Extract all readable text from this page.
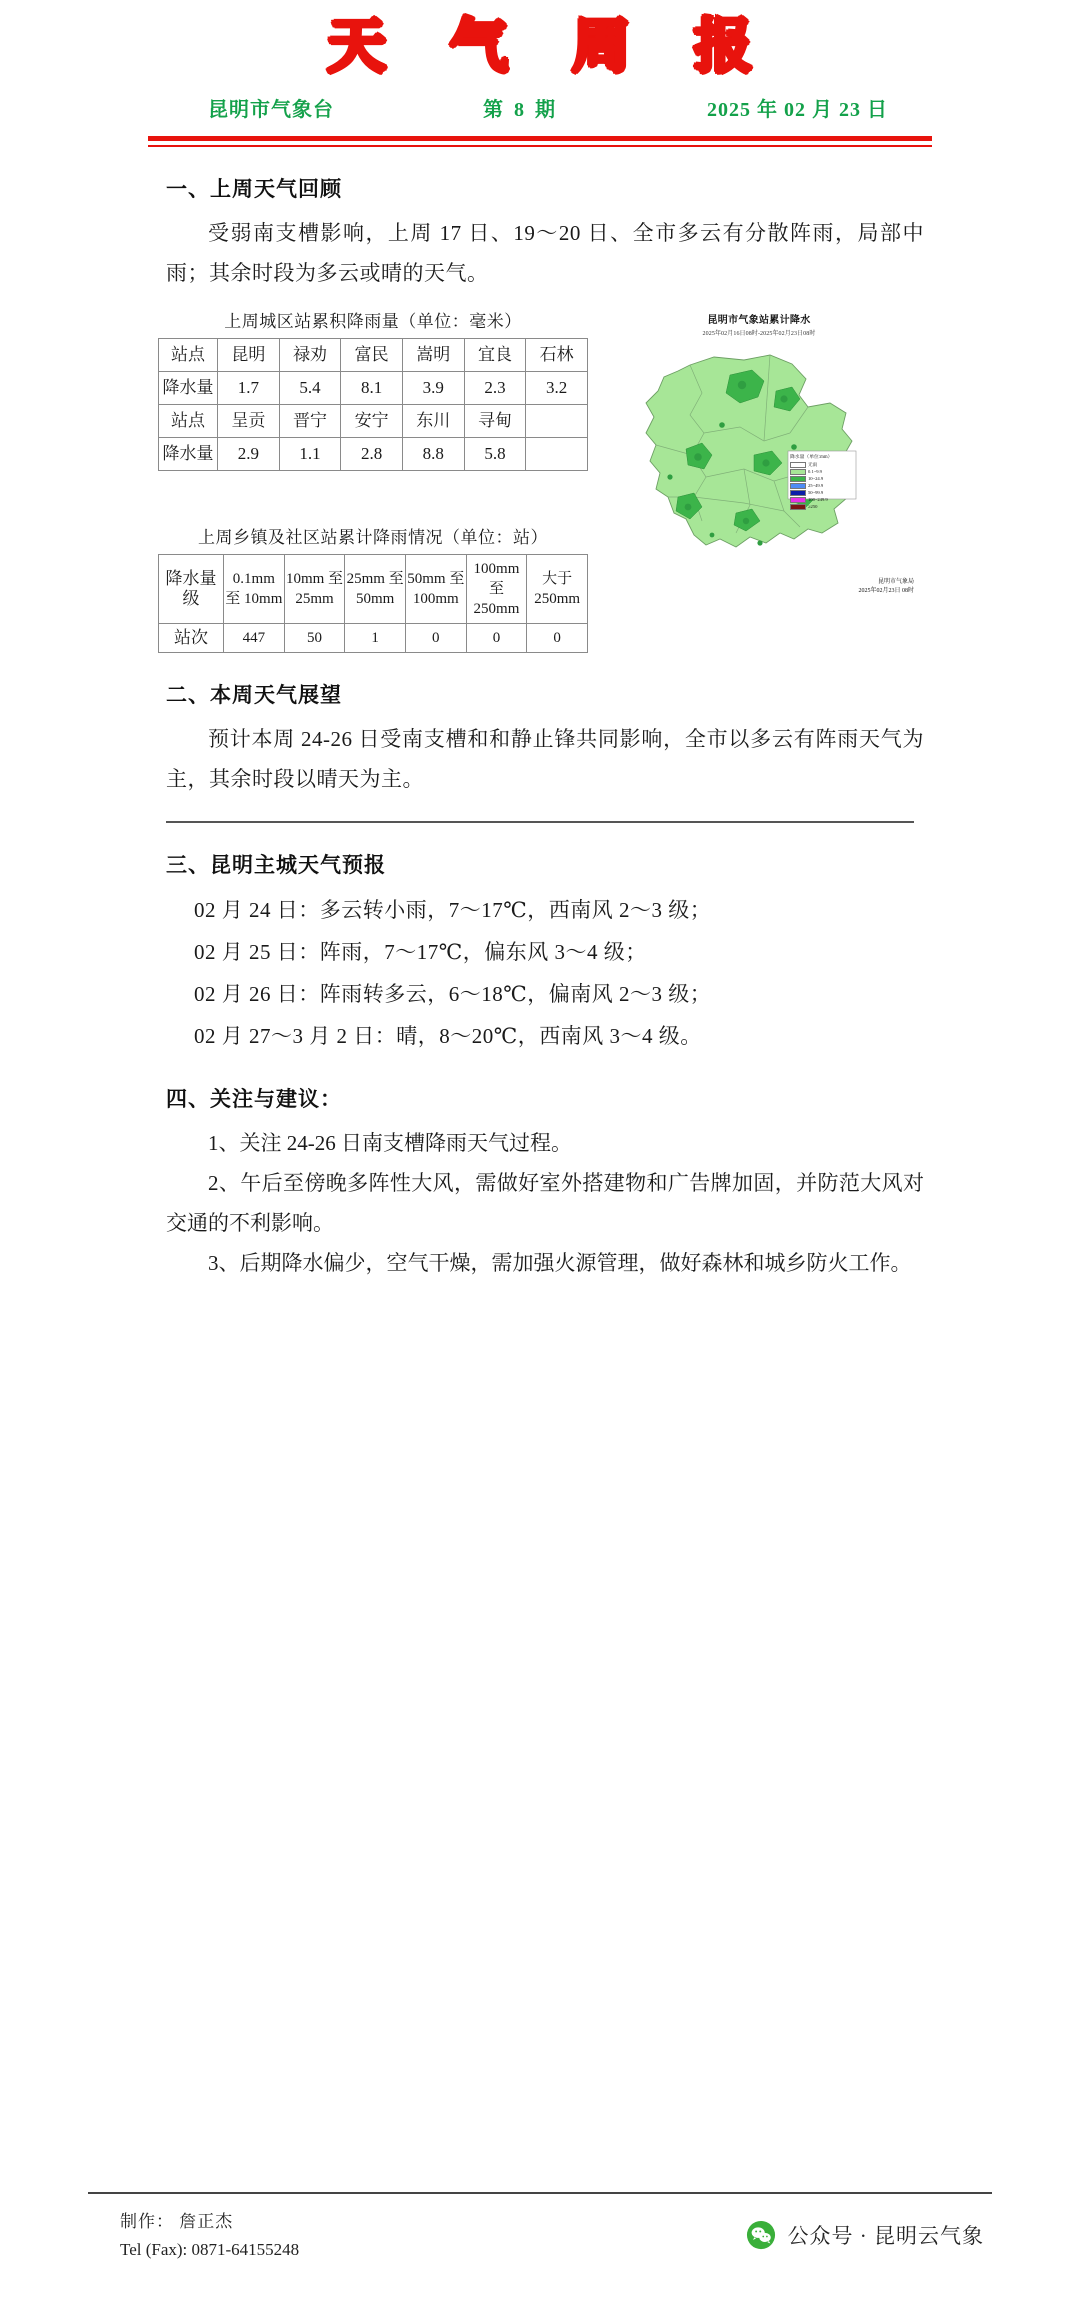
天 气 周 报
昆明市气象台	第 8 期	2025 年 02 月 23 日
一、上周天气回顾

受弱南支槽影响，上周 17 日、19～20 日、全市多云有分散阵雨，局部中雨；其余时段为多云或晴的天气。

上周城区站累积降雨量（单位：毫米）
站点	昆明	禄劝	富民	嵩明	宜良	石林
降水量	1.7	5.4	8.1	3.9	2.3	3.2
站点	呈贡	晋宁	安宁	东川	寻甸	
降水量	2.9	1.1	2.8	8.8	5.8	
上周乡镇及社区站累计降雨情况（单位：站）
降水量级	0.1mm 至 10mm	10mm 至 25mm	25mm 至 50mm	50mm 至 100mm	100mm 至 250mm	大于 250mm
站次	447	50	1	0	0	0
昆明市气象站累计降水
2025年02月16日08时-2025年02月23日08时
降水量（单位:mm）
无雨
0.1~9.9
10~24.9
25~49.9
50~99.9
100~249.9
≥250
昆明市气象局
2025年02月23日 08时
二、本周天气展望

预计本周 24-26 日受南支槽和和静止锋共同影响，全市以多云有阵雨天气为主，其余时段以晴天为主。

三、昆明主城天气预报

02 月 24 日：多云转小雨，7～17℃，西南风 2～3 级；

02 月 25 日：阵雨，7～17℃，偏东风 3～4 级；

02 月 26 日：阵雨转多云，6～18℃，偏南风 2～3 级；

02 月 27～3 月 2 日：晴，8～20℃，西南风 3～4 级。

四、关注与建议：

1、关注 24-26 日南支槽降雨天气过程。

2、午后至傍晚多阵性大风，需做好室外搭建物和广告牌加固，并防范大风对交通的不利影响。

3、后期降水偏少，空气干燥，需加强火源管理，做好森林和城乡防火工作。

制作： 詹正杰
Tel (Fax): 0871-64155248
公众号 · 昆明云气象
